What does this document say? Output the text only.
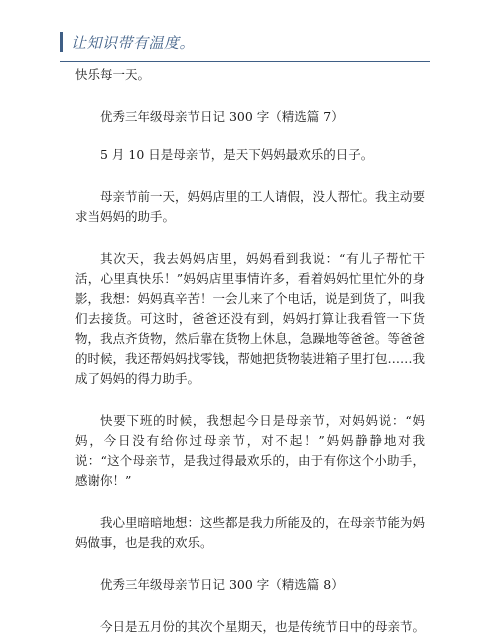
让知识带有温度。

快乐每一天。

优秀三年级母亲节日记 300 字（精选篇 7）

5 月 10 日是母亲节，是天下妈妈最欢乐的日子。

母亲节前一天，妈妈店里的工人请假，没人帮忙。我主动要求当妈妈的助手。

其次天，我去妈妈店里，妈妈看到我说：“有儿子帮忙干活，心里真快乐！”妈妈店里事情许多，看着妈妈忙里忙外的身影，我想：妈妈真辛苦！一会儿来了个电话，说是到货了，叫我们去接货。可这时，爸爸还没有到，妈妈打算让我看管一下货物，我点齐货物，然后靠在货物上休息，急躁地等爸爸。等爸爸的时候，我还帮妈妈找零钱，帮她把货物装进箱子里打包……我成了妈妈的得力助手。

快要下班的时候，我想起今日是母亲节，对妈妈说：“妈妈，今日没有给你过母亲节，对不起！”妈妈静静地对我说：“这个母亲节，是我过得最欢乐的，由于有你这个小助手，感谢你！”

我心里暗暗地想：这些都是我力所能及的，在母亲节能为妈妈做事，也是我的欢乐。

优秀三年级母亲节日记 300 字（精选篇 8）

今日是五月份的其次个星期天，也是传统节日中的母亲节。
